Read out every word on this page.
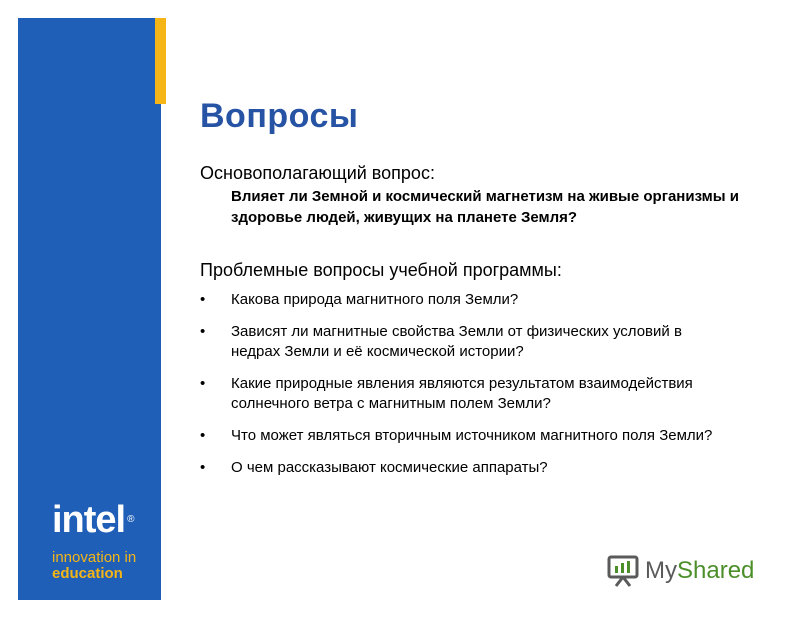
intel ®
innovation in
education
Вопросы
Основополагающий вопрос:

Влияет ли Земной и космический магнетизм на живые организмы и здоровье людей, живущих на планете Земля?

Проблемные вопросы учебной программы:
• Какова природа магнитного поля Земли?
• Зависят ли магнитные свойства Земли от физических условий в недрах Земли и её космической истории?
• Какие природные явления являются результатом взаимодействия солнечного ветра с магнитным полем Земли?
• Что может являться вторичным источником магнитного поля Земли?
• О чем рассказывают космические аппараты?
MyShared
